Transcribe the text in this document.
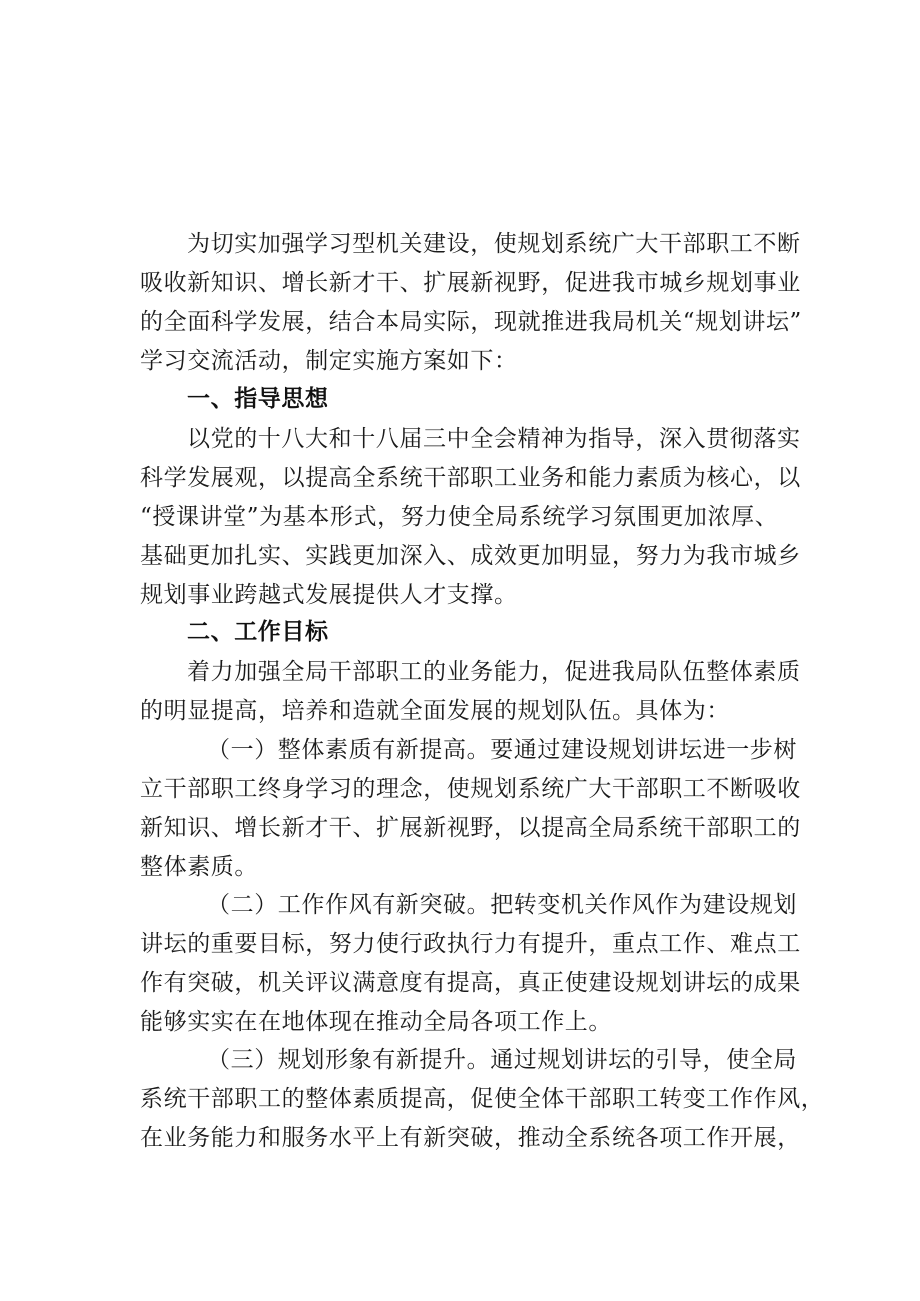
为切实加强学习型机关建设，使规划系统广大干部职工不断
吸收新知识、增长新才干、扩展新视野，促进我市城乡规划事业
的全面科学发展，结合本局实际，现就推进我局机关“规划讲坛”
学习交流活动，制定实施方案如下：
一、指导思想
以党的十八大和十八届三中全会精神为指导，深入贯彻落实
科学发展观，以提高全系统干部职工业务和能力素质为核心，以
“授课讲堂”为基本形式，努力使全局系统学习氛围更加浓厚、
基础更加扎实、实践更加深入、成效更加明显，努力为我市城乡
规划事业跨越式发展提供人才支撑。
二、工作目标
着力加强全局干部职工的业务能力，促进我局队伍整体素质
的明显提高，培养和造就全面发展的规划队伍。具体为：
（一）整体素质有新提高。要通过建设规划讲坛进一步树
立干部职工终身学习的理念，使规划系统广大干部职工不断吸收
新知识、增长新才干、扩展新视野，以提高全局系统干部职工的
整体素质。
（二）工作作风有新突破。把转变机关作风作为建设规划
讲坛的重要目标，努力使行政执行力有提升，重点工作、难点工
作有突破，机关评议满意度有提高，真正使建设规划讲坛的成果
能够实实在在地体现在推动全局各项工作上。
（三）规划形象有新提升。通过规划讲坛的引导，使全局
系统干部职工的整体素质提高，促使全体干部职工转变工作作风，
在业务能力和服务水平上有新突破，推动全系统各项工作开展，
